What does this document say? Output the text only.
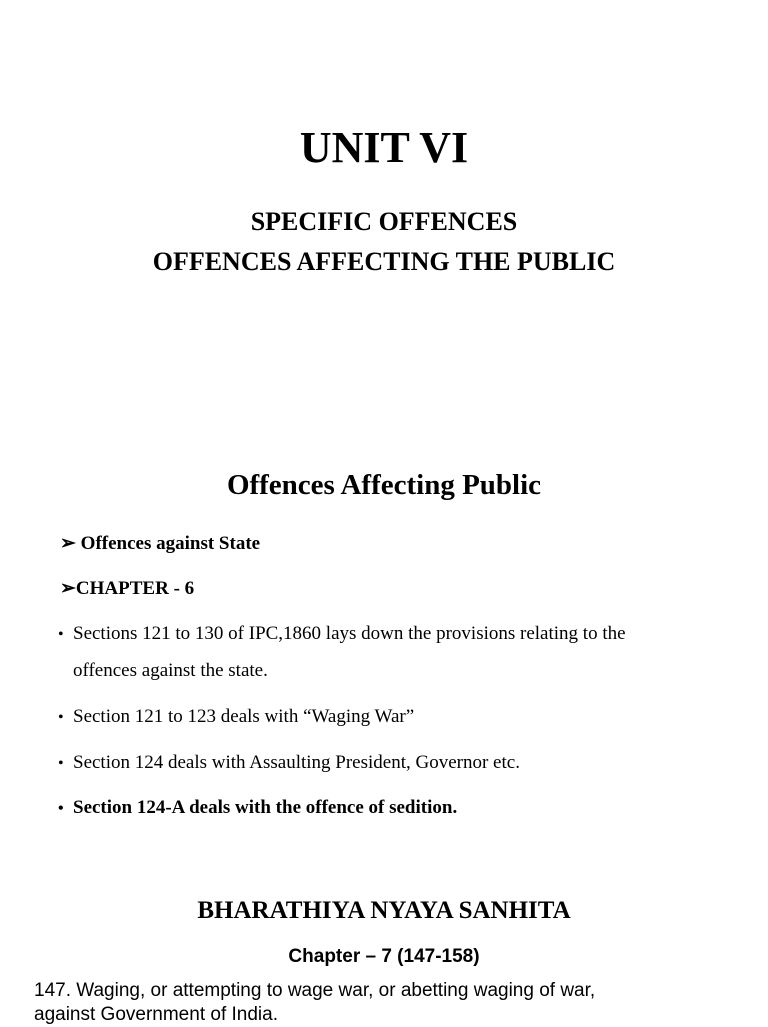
UNIT VI
SPECIFIC OFFENCES
OFFENCES AFFECTING THE PUBLIC
Offences Affecting Public
➢ Offences against State
➢CHAPTER - 6
• Sections 121 to 130 of IPC,1860 lays down the provisions relating to the
offences against the state.
• Section 121 to 123 deals with “Waging War”
• Section 124 deals with Assaulting President, Governor etc.
• Section 124-A deals with the offence of sedition.
BHARATHIYA NYAYA SANHITA
Chapter – 7 (147-158)
147. Waging, or attempting to wage war, or abetting waging of war,
against Government of India.
